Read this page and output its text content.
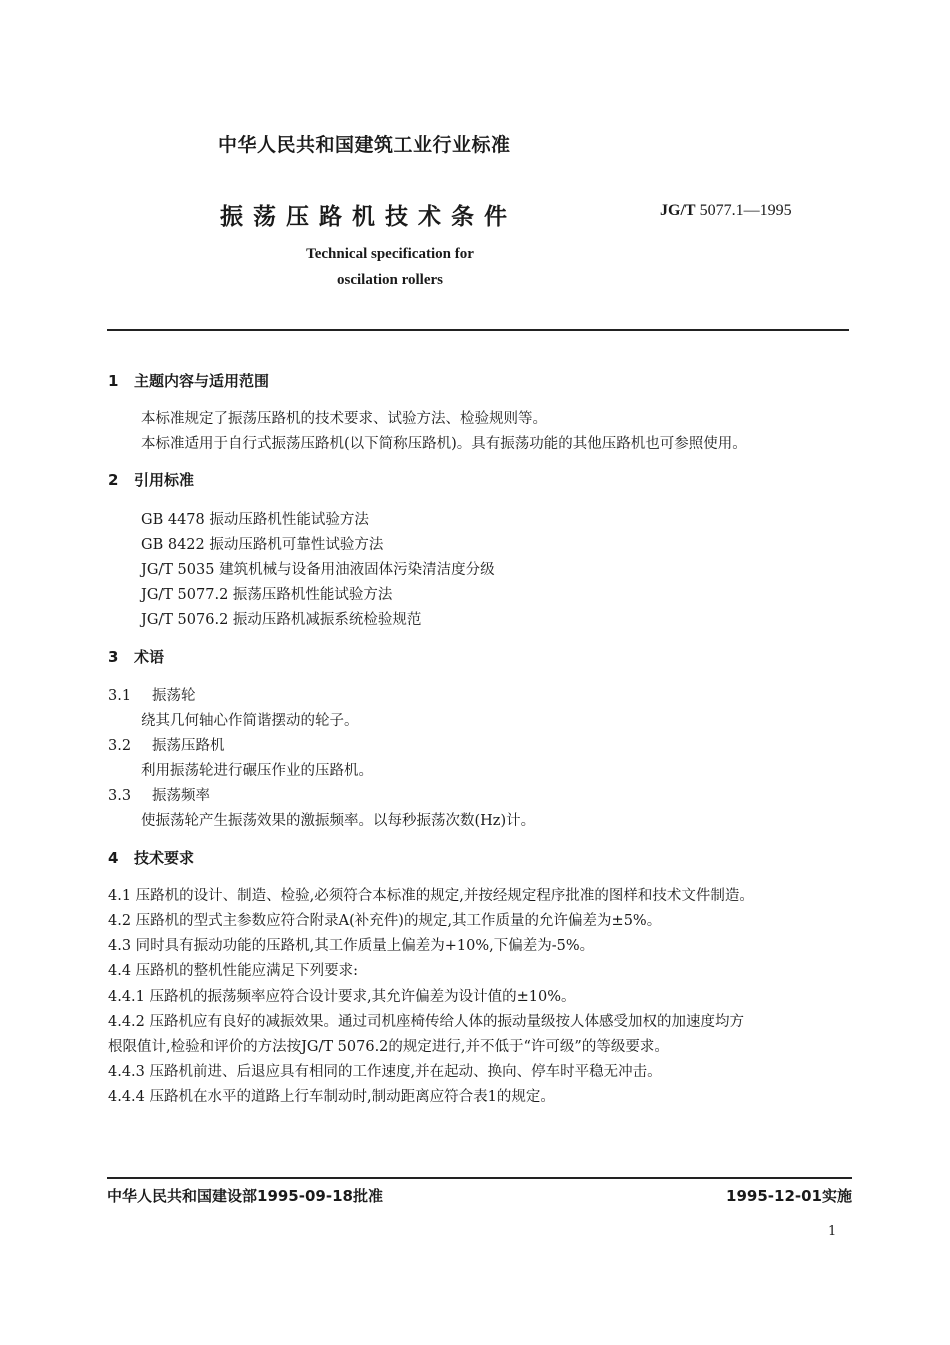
中华人民共和国建筑工业行业标准
振荡压路机技术条件	JG/T 5077.1—1995
Technical specification for
oscilation rollers
1 主题内容与适用范围
本标准规定了振荡压路机的技术要求、试验方法、检验规则等。
本标准适用于自行式振荡压路机(以下简称压路机)。具有振荡功能的其他压路机也可参照使用。
2 引用标准
GB 4478 振动压路机性能试验方法
GB 8422 振动压路机可靠性试验方法
JG/T 5035 建筑机械与设备用油液固体污染清洁度分级
JG/T 5077.2 振荡压路机性能试验方法
JG/T 5076.2 振动压路机减振系统检验规范
3 术语
3.1 振荡轮
绕其几何轴心作简谐摆动的轮子。
3.2 振荡压路机
利用振荡轮进行碾压作业的压路机。
3.3 振荡频率
使振荡轮产生振荡效果的激振频率。以每秒振荡次数(Hz)计。
4 技术要求
4.1 压路机的设计、制造、检验,必须符合本标准的规定,并按经规定程序批准的图样和技术文件制造。
4.2 压路机的型式主参数应符合附录A(补充件)的规定,其工作质量的允许偏差为±5%。
4.3 同时具有振动功能的压路机,其工作质量上偏差为+10%,下偏差为-5%。
4.4 压路机的整机性能应满足下列要求:
4.4.1 压路机的振荡频率应符合设计要求,其允许偏差为设计值的±10%。
4.4.2 压路机应有良好的减振效果。通过司机座椅传给人体的振动量级按人体感受加权的加速度均方
根限值计,检验和评价的方法按JG/T 5076.2的规定进行,并不低于“许可级”的等级要求。
4.4.3 压路机前进、后退应具有相同的工作速度,并在起动、换向、停车时平稳无冲击。
4.4.4 压路机在水平的道路上行车制动时,制动距离应符合表1的规定。
中华人民共和国建设部1995-09-18批准	1995-12-01实施
1
